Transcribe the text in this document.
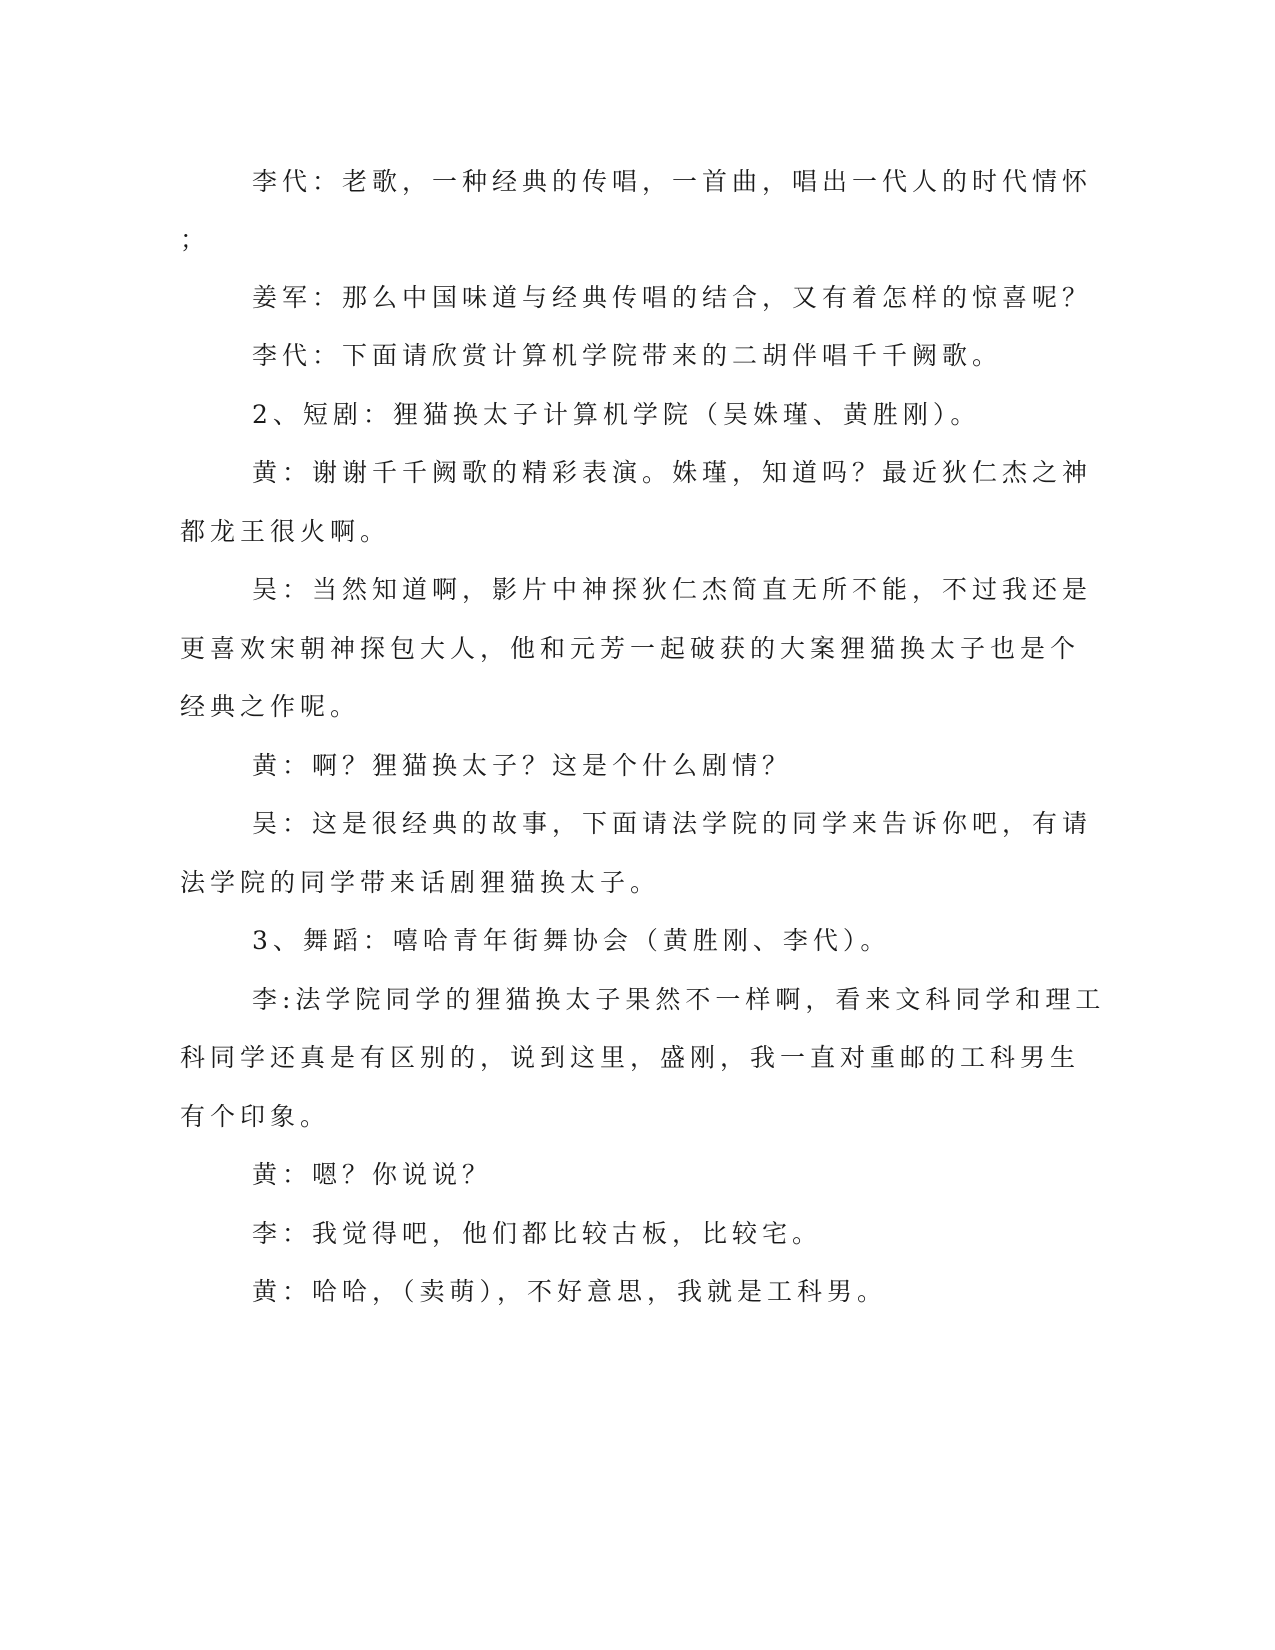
李代：老歌，一种经典的传唱，一首曲，唱出一代人的时代情怀
；
姜军：那么中国味道与经典传唱的结合，又有着怎样的惊喜呢？
李代：下面请欣赏计算机学院带来的二胡伴唱千千阙歌。
2、短剧：狸猫换太子计算机学院（吴姝瑾、黄胜刚）。
黄：谢谢千千阙歌的精彩表演。姝瑾，知道吗？最近狄仁杰之神
都龙王很火啊。
吴：当然知道啊，影片中神探狄仁杰简直无所不能，不过我还是
更喜欢宋朝神探包大人，他和元芳一起破获的大案狸猫换太子也是个
经典之作呢。
黄：啊？狸猫换太子？这是个什么剧情？
吴：这是很经典的故事，下面请法学院的同学来告诉你吧，有请
法学院的同学带来话剧狸猫换太子。
3、舞蹈：嘻哈青年街舞协会（黄胜刚、李代）。
李:法学院同学的狸猫换太子果然不一样啊，看来文科同学和理工
科同学还真是有区别的，说到这里，盛刚，我一直对重邮的工科男生
有个印象。
黄：嗯？你说说？
李：我觉得吧，他们都比较古板，比较宅。
黄：哈哈，（卖萌），不好意思，我就是工科男。
